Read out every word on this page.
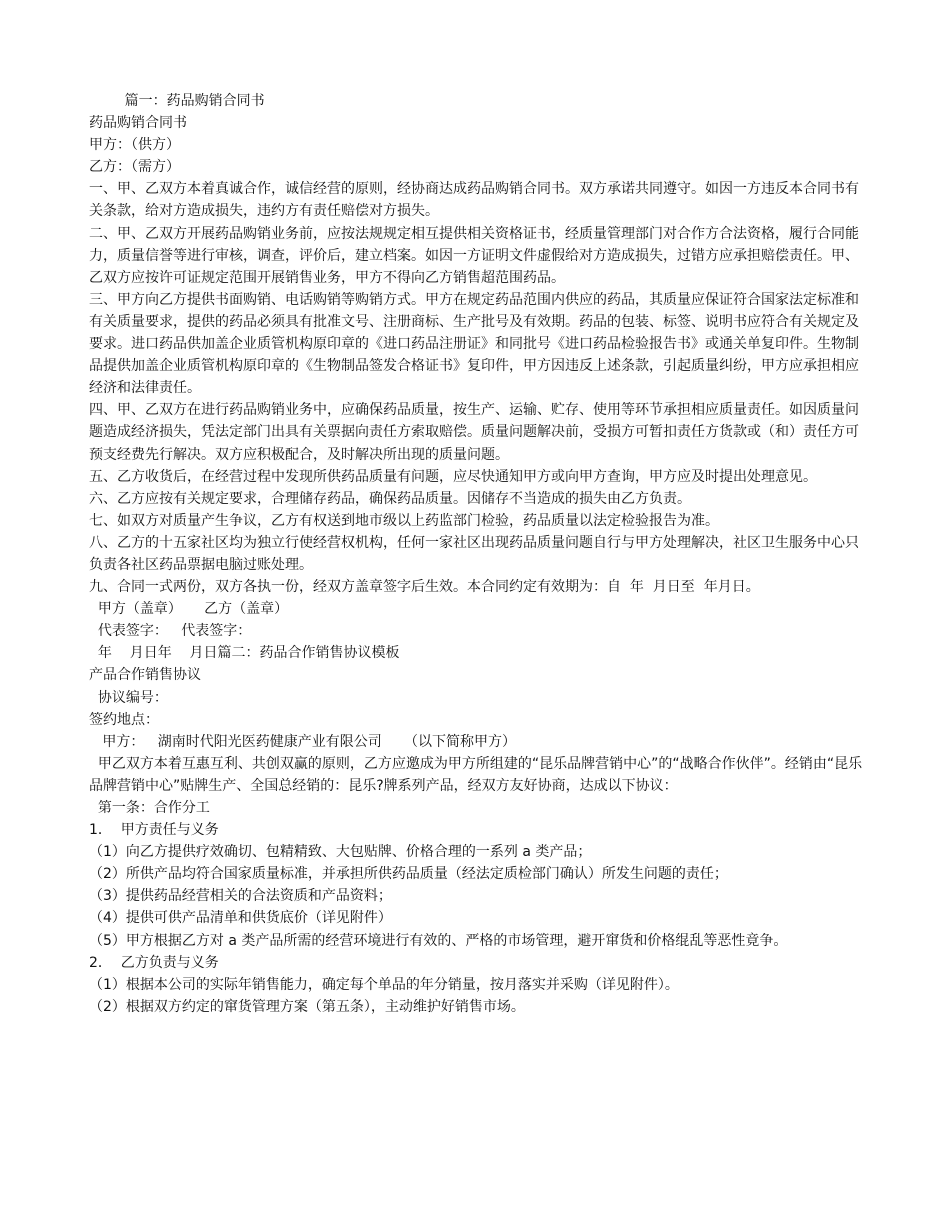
篇一：药品购销合同书

药品购销合同书

甲方：（供方）

乙方：（需方）

一、甲、乙双方本着真诚合作，诚信经营的原则，经协商达成药品购销合同书。双方承诺共同遵守。如因一方违反本合同书有关条款，给对方造成损失，违约方有责任赔偿对方损失。

二、甲、乙双方开展药品购销业务前，应按法规规定相互提供相关资格证书，经质量管理部门对合作方合法资格，履行合同能力，质量信誉等进行审核，调查，评价后，建立档案。如因一方证明文件虚假给对方造成损失，过错方应承担赔偿责任。甲、乙双方应按许可证规定范围开展销售业务，甲方不得向乙方销售超范围药品。

三、甲方向乙方提供书面购销、电话购销等购销方式。甲方在规定药品范围内供应的药品，其质量应保证符合国家法定标准和有关质量要求，提供的药品必须具有批准文号、注册商标、生产批号及有效期。药品的包装、标签、说明书应符合有关规定及要求。进口药品供加盖企业质管机构原印章的《进口药品注册证》和同批号《进口药品检验报告书》或通关单复印件。生物制品提供加盖企业质管机构原印章的《生物制品签发合格证书》复印件，甲方因违反上述条款，引起质量纠纷，甲方应承担相应经济和法律责任。

四、甲、乙双方在进行药品购销业务中，应确保药品质量，按生产、运输、贮存、使用等环节承担相应质量责任。如因质量问题造成经济损失，凭法定部门出具有关票据向责任方索取赔偿。质量问题解决前，受损方可暂扣责任方货款或（和）责任方可预支经费先行解决。双方应积极配合，及时解决所出现的质量问题。

五、乙方收货后，在经营过程中发现所供药品质量有问题，应尽快通知甲方或向甲方查询，甲方应及时提出处理意见。

六、乙方应按有关规定要求，合理储存药品，确保药品质量。因储存不当造成的损失由乙方负责。

七、如双方对质量产生争议，乙方有权送到地市级以上药监部门检验，药品质量以法定检验报告为准。

八、乙方的十五家社区均为独立行使经营权机构，任何一家社区出现药品质量问题自行与甲方处理解决，社区卫生服务中心只负责各社区药品票据电脑过账处理。

九、合同一式两份，双方各执一份，经双方盖章签字后生效。本合同约定有效期为：自  年  月日至  年月日。

甲方（盖章）     乙方（盖章）

代表签字：   代表签字：

年    月日年    月日篇二：药品合作销售协议模板

产品合作销售协议

协议编号：

签约地点：

甲方：   湖南时代阳光医药健康产业有限公司     （以下简称甲方）

甲乙双方本着互惠互利、共创双赢的原则，乙方应邀成为甲方所组建的“昆乐品牌营销中心”的“战略合作伙伴”。经销由“昆乐品牌营销中心”贴牌生产、全国总经销的：昆乐?牌系列产品，经双方友好协商，达成以下协议：

第一条：合作分工

1．  甲方责任与义务

（1）向乙方提供疗效确切、包精精致、大包贴牌、价格合理的一系列 a 类产品；

（2）所供产品均符合国家质量标准，并承担所供药品质量（经法定质检部门确认）所发生问题的责任；

（3）提供药品经营相关的合法资质和产品资料；

（4）提供可供产品清单和供货底价（详见附件）

（5）甲方根据乙方对 a 类产品所需的经营环境进行有效的、严格的市场管理，避开窜货和价格绲乱等恶性竟争。

2．  乙方负责与义务

（1）根据本公司的实际年销售能力，确定每个单品的年分销量，按月落实并采购（详见附件）。

（2）根据双方约定的窜货管理方案（第五条），主动维护好销售市场。
